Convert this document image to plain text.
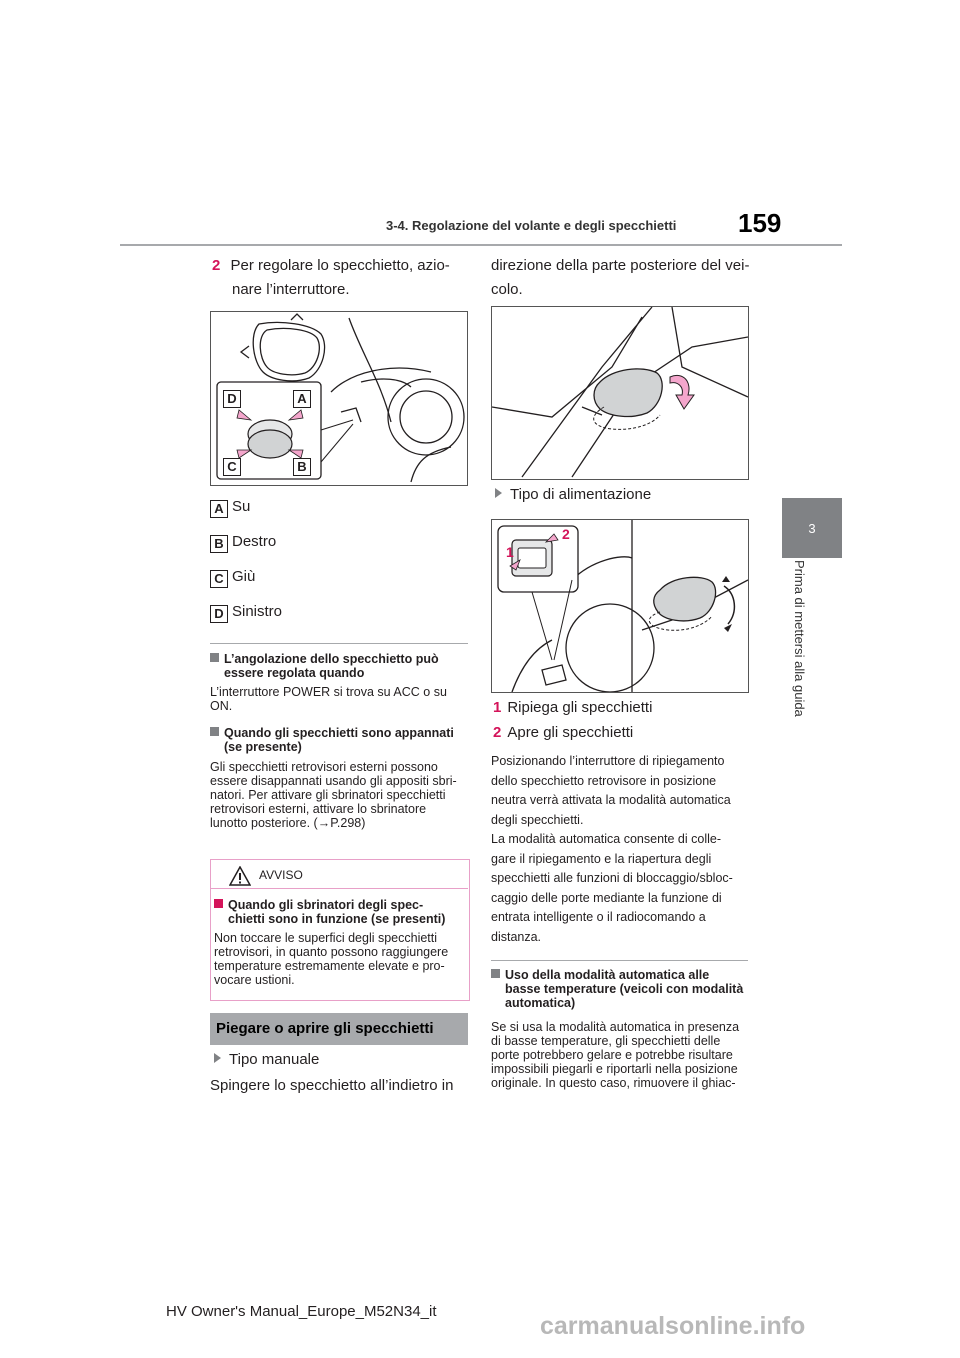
3-4. Regolazione del volante e degli specchietti 159
3
Prima di mettersi alla guida
2 Per regolare lo specchietto, azio-
nare l’interruttore.
D	A
C	B
A Su
B Destro
C Giù
D Sinistro
L’angolazione dello specchietto può
essere regolata quando
L’interruttore POWER si trova su ACC o su
ON.
Quando gli specchietti sono appannati
(se presente)
Gli specchietti retrovisori esterni possono
essere disappannati usando gli appositi sbri-
natori. Per attivare gli sbrinatori specchietti
retrovisori esterni, attivare lo sbrinatore
lunotto posteriore. (→P.298)
AVVISO
Quando gli sbrinatori degli spec-
chietti sono in funzione (se presenti)
Non toccare le superfici degli specchietti
retrovisori, in quanto possono raggiungere
temperature estremamente elevate e pro-
vocare ustioni.
Piegare o aprire gli specchietti
Tipo manuale
Spingere lo specchietto all’indietro in
direzione della parte posteriore del vei-
colo.
Tipo di alimentazione
1
2
1 Ripiega gli specchietti
2 Apre gli specchietti
Posizionando l’interruttore di ripiegamento
dello specchietto retrovisore in posizione
neutra verrà attivata la modalità automatica
degli specchietti.
La modalità automatica consente di colle-
gare il ripiegamento e la riapertura degli
specchietti alle funzioni di bloccaggio/sbloc-
caggio delle porte mediante la funzione di
entrata intelligente o il radiocomando a
distanza.
Uso della modalità automatica alle
basse temperature (veicoli con modalità
automatica)
Se si usa la modalità automatica in presenza
di basse temperature, gli specchietti delle
porte potrebbero gelare e potrebbe risultare
impossibili piegarli e riportarli nella posizione
originale. In questo caso, rimuovere il ghiac-
HV Owner's Manual_Europe_M52N34_it
carmanualsonline.info
